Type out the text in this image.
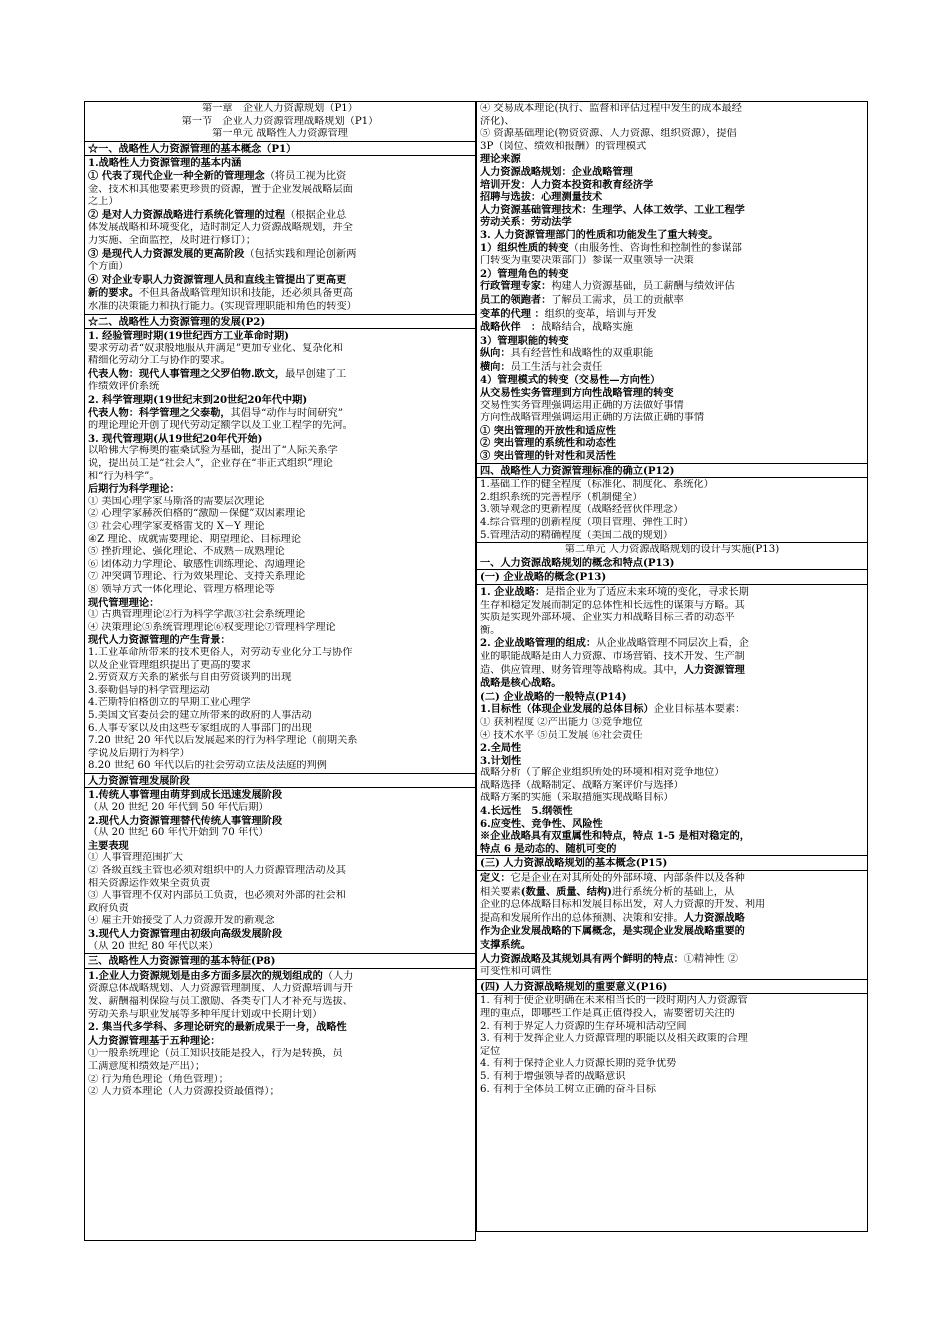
第一章　企业人力资源规划（P1）
第一节　企业人力资源管理战略规划（P1）
第一单元 战略性人力资源管理
☆一、战略性人力资源管理的基本概念（P1）
1.战略性人力资源管理的基本内涵
① 代表了现代企业一种全新的管理理念（将员工视为比资
金、技术和其他要素更珍贵的资源，置于企业发展战略层面
之上）
② 是对人力资源战略进行系统化管理的过程（根据企业总
体发展战略和环境变化，适时制定人力资源战略规划，并全
力实施、全面监控，及时进行修订）；
③ 是现代人力资源发展的更高阶段（包括实践和理论创新两
个方面）
④ 对企业专职人力资源管理人员和直线主管提出了更高更
新的要求。不但具备战略管理知识和技能，还必须具备更高
水准的决策能力和执行能力。(实现管理职能和角色的转变）
☆二、战略性人力资源管理的发展(P2)
1. 经验管理时期(19世纪西方工业革命时期)
要求劳动者“奴隶般地服从并满足”更加专业化、复杂化和
精细化劳动分工与协作的要求。
代表人物：现代人事管理之父罗伯物.欧文，最早创建了工
作绩效评价系统
2. 科学管理期(19世纪末到20世纪20年代中期)
代表人物：科学管理之父泰勒，其倡导“动作与时间研究”
的理论理论开创了现代劳动定额学以及工业工程学的先河。
3. 现代管理期(从19世纪20年代开始)
以哈佛大学梅奥的霍桑试验为基础，提出了“人际关系学
说，提出员工是“社会人”，企业存在“非正式组织”理论
和“行为科学”。
后期行为科学理论：
① 美国心理学家马斯洛的需要层次理论
② 心理学家赫茨伯格的“激励－保健”双因素理论
③ 社会心理学家麦格雷戈的 X－Y 理论
④Z 理论、成就需要理论、期望理论、目标理论
⑤ 挫折理论、强化理论、不成熟－成熟理论
⑥ 团体动力学理论、敏感性训练理论、沟通理论
⑦ 冲突调节理论、行为效果理论、支持关系理论
⑧ 领导方式一体化理论、管理方格理论等
现代管理理论：
① 古典管理理论②行为科学学派③社会系统理论
④ 决策理论⑤系统管理理论⑥权变理论⑦管理科学理论
现代人力资源管理的产生背景：
1.工业革命所带来的技术更俗人，对劳动专业化分工与协作
以及企业管理组织提出了更高的要求
2.劳资双方关系的紧张与自由劳资谈判的出现
3.泰勒倡导的科学管理运动
4.芒斯特伯格创立的早期工业心理学
5.美国文官委员会的建立所带来的政府的人事活动
6.人事专家以及由这些专家组成的人事部门的出现
7.20 世纪 20 年代以后发展起来的行为科学理论（前期关系
学说及后期行为科学）
8.20 世纪 60 年代以后的社会劳动立法及法庭的判例
人力资源管理发展阶段
1.传统人事管理由萌芽到成长迅速发展阶段
（从 20 世纪 20 年代到 50 年代后期）
2.现代人力资源管理替代传统人事管理阶段
（从 20 世纪 60 年代开始到 70 年代）
主要表现
① 人事管理范围扩大
② 各级直线主管也必须对组织中的人力资源管理活动及其
相关资源运作效果全责负责
③ 人事管理不仅对内部员工负责，也必须对外部的社会和
政府负责
④ 雇主开始接受了人力资源开发的新观念
3.现代人力资源管理由初级向高级发展阶段
（从 20 世纪 80 年代以来）
三、战略性人力资源管理的基本特征(P8)
1.企业人力资源规划是由多方面多层次的规划组成的（人力
资源总体战略规划、人力资源管理制度、人力资源培训与开
发、薪酬福利保险与员工激励、各类专门人才补充与选拔、
劳动关系与职业发展等多种年度计划或中长期计划）
2. 集当代多学科、多理论研究的最新成果于一身，战略性
人力资源管理基于五种理论：
①一般系统理论（员工知识技能是投入，行为是转换，员
工满意度和绩效是产出）；
② 行为角色理论（角色管理）；
② 人力资本理论（人力资源投资最值得）；
④ 交易成本理论(执行、监督和评估过程中发生的成本最经
济化)、
⑤ 资源基础理论(物资资源、人力资源、组织资源），提倡
3P（岗位、绩效和报酬）的管理模式
理论来源
人力资源战略规划：企业战略管理
培训开发：人力资本投资和教育经济学
招聘与选拔：心理测量技术
人力资源基础管理技术：生理学、人体工效学、工业工程学
劳动关系：劳动法学
3. 人力资源管理部门的性质和功能发生了重大转变。
1）组织性质的转变（由服务性、咨询性和控制性的参谋部
门转变为重要决策部门）参谋一双重领导一决策
2）管理角色的转变
行政管理专家：构建人力资源基础，员工薪酬与绩效评估
员工的领跑者：了解员工需求，员工的贡献率
变革的代理 ：组织的变革，培训与开发
战略伙伴　：战略结合，战略实施
3）管理职能的转变
纵向：具有经营性和战略性的双重职能
横向：员工生活与社会责任
4）管理模式的转变（交易性—方向性）
从交易性实务管理到方向性战略管理的转变
交易性实务管理强调运用正确的方法做好事情
方向性战略管理强调运用正确的方法做正确的事情
① 突出管理的开放性和适应性
② 突出管理的系统性和动态性
③ 突出管理的针对性和灵活性
四、战略性人力资源管理标准的确立(P12)
1.基础工作的健全程度（标准化、制度化、系统化）
2.组织系统的完善程序（机制健全）
3.领导观念的更新程度（战略经营伙伴理念）
4.综合管理的创新程度（项目管理、弹性工时）
5.管理活动的精确程度（美国二战的规划）
第二单元 人力资源战略规划的设计与实施(P13)
一、人力资源战略规划的概念和特点(P13)
(一) 企业战略的概念(P13)
1. 企业战略：是指企业为了适应未来环境的变化，寻求长期
生存和稳定发展而制定的总体性和长远性的谋策与方略。其
实质是实现外部环境、企业实力和战略目标三者的动态平
衡。
2. 企业战略管理的组成：从企业战略管理不同层次上看，企
业的职能战略是由人力资源、市场营销、技术开发、生产制
造、供应管理、财务管理等战略构成。其中，人力资源管理
战略是核心战略。
(二) 企业战略的一般特点(P14)
1.目标性（体现企业发展的总体目标）企业目标基本要素：
① 获利程度 ②产出能力 ③竞争地位
④ 技术水平 ⑤员工发展 ⑥社会责任
2.全局性
3.计划性
战略分析（了解企业组织所处的环境和相对竞争地位）
战略选择（战略制定、战略方案评价与选择）
战略方案的实施（采取措施实现战略目标）
4.长远性　5.纲领性
6.应变性、竞争性、风险性
※企业战略具有双重属性和特点，特点 1-5 是相对稳定的，
特点 6 是动态的、随机可变的
(三) 人力资源战略规划的基本概念(P15)
定义：它是企业在对其所处的外部环境、内部条件以及各种
相关要素(数量、质量、结构)进行系统分析的基础上，从
企业的总体战略目标和发展目标出发，对人力资源的开发、利用
提高和发展所作出的总体预测、决策和安排。人力资源战略
作为企业发展战略的下属概念，是实现企业发展战略重要的
支撑系统。
人力资源战略及其规划具有两个鲜明的特点：①精神性 ②
可变性和可调性
(四) 人力资源战略规划的重要意义(P16)
1. 有利于使企业明确在未来相当长的一段时期内人力资源管
理的重点，即哪些工作是真正值得投入，需要密切关注的
2. 有利于界定人力资源的生存环境和活动空间
3. 有利于发挥企业人力资源管理的职能以及相关政策的合理
定位
4. 有利于保持企业人力资源长期的竞争优势
5. 有利于增强领导者的战略意识
6. 有利于全体员工树立正确的奋斗目标
